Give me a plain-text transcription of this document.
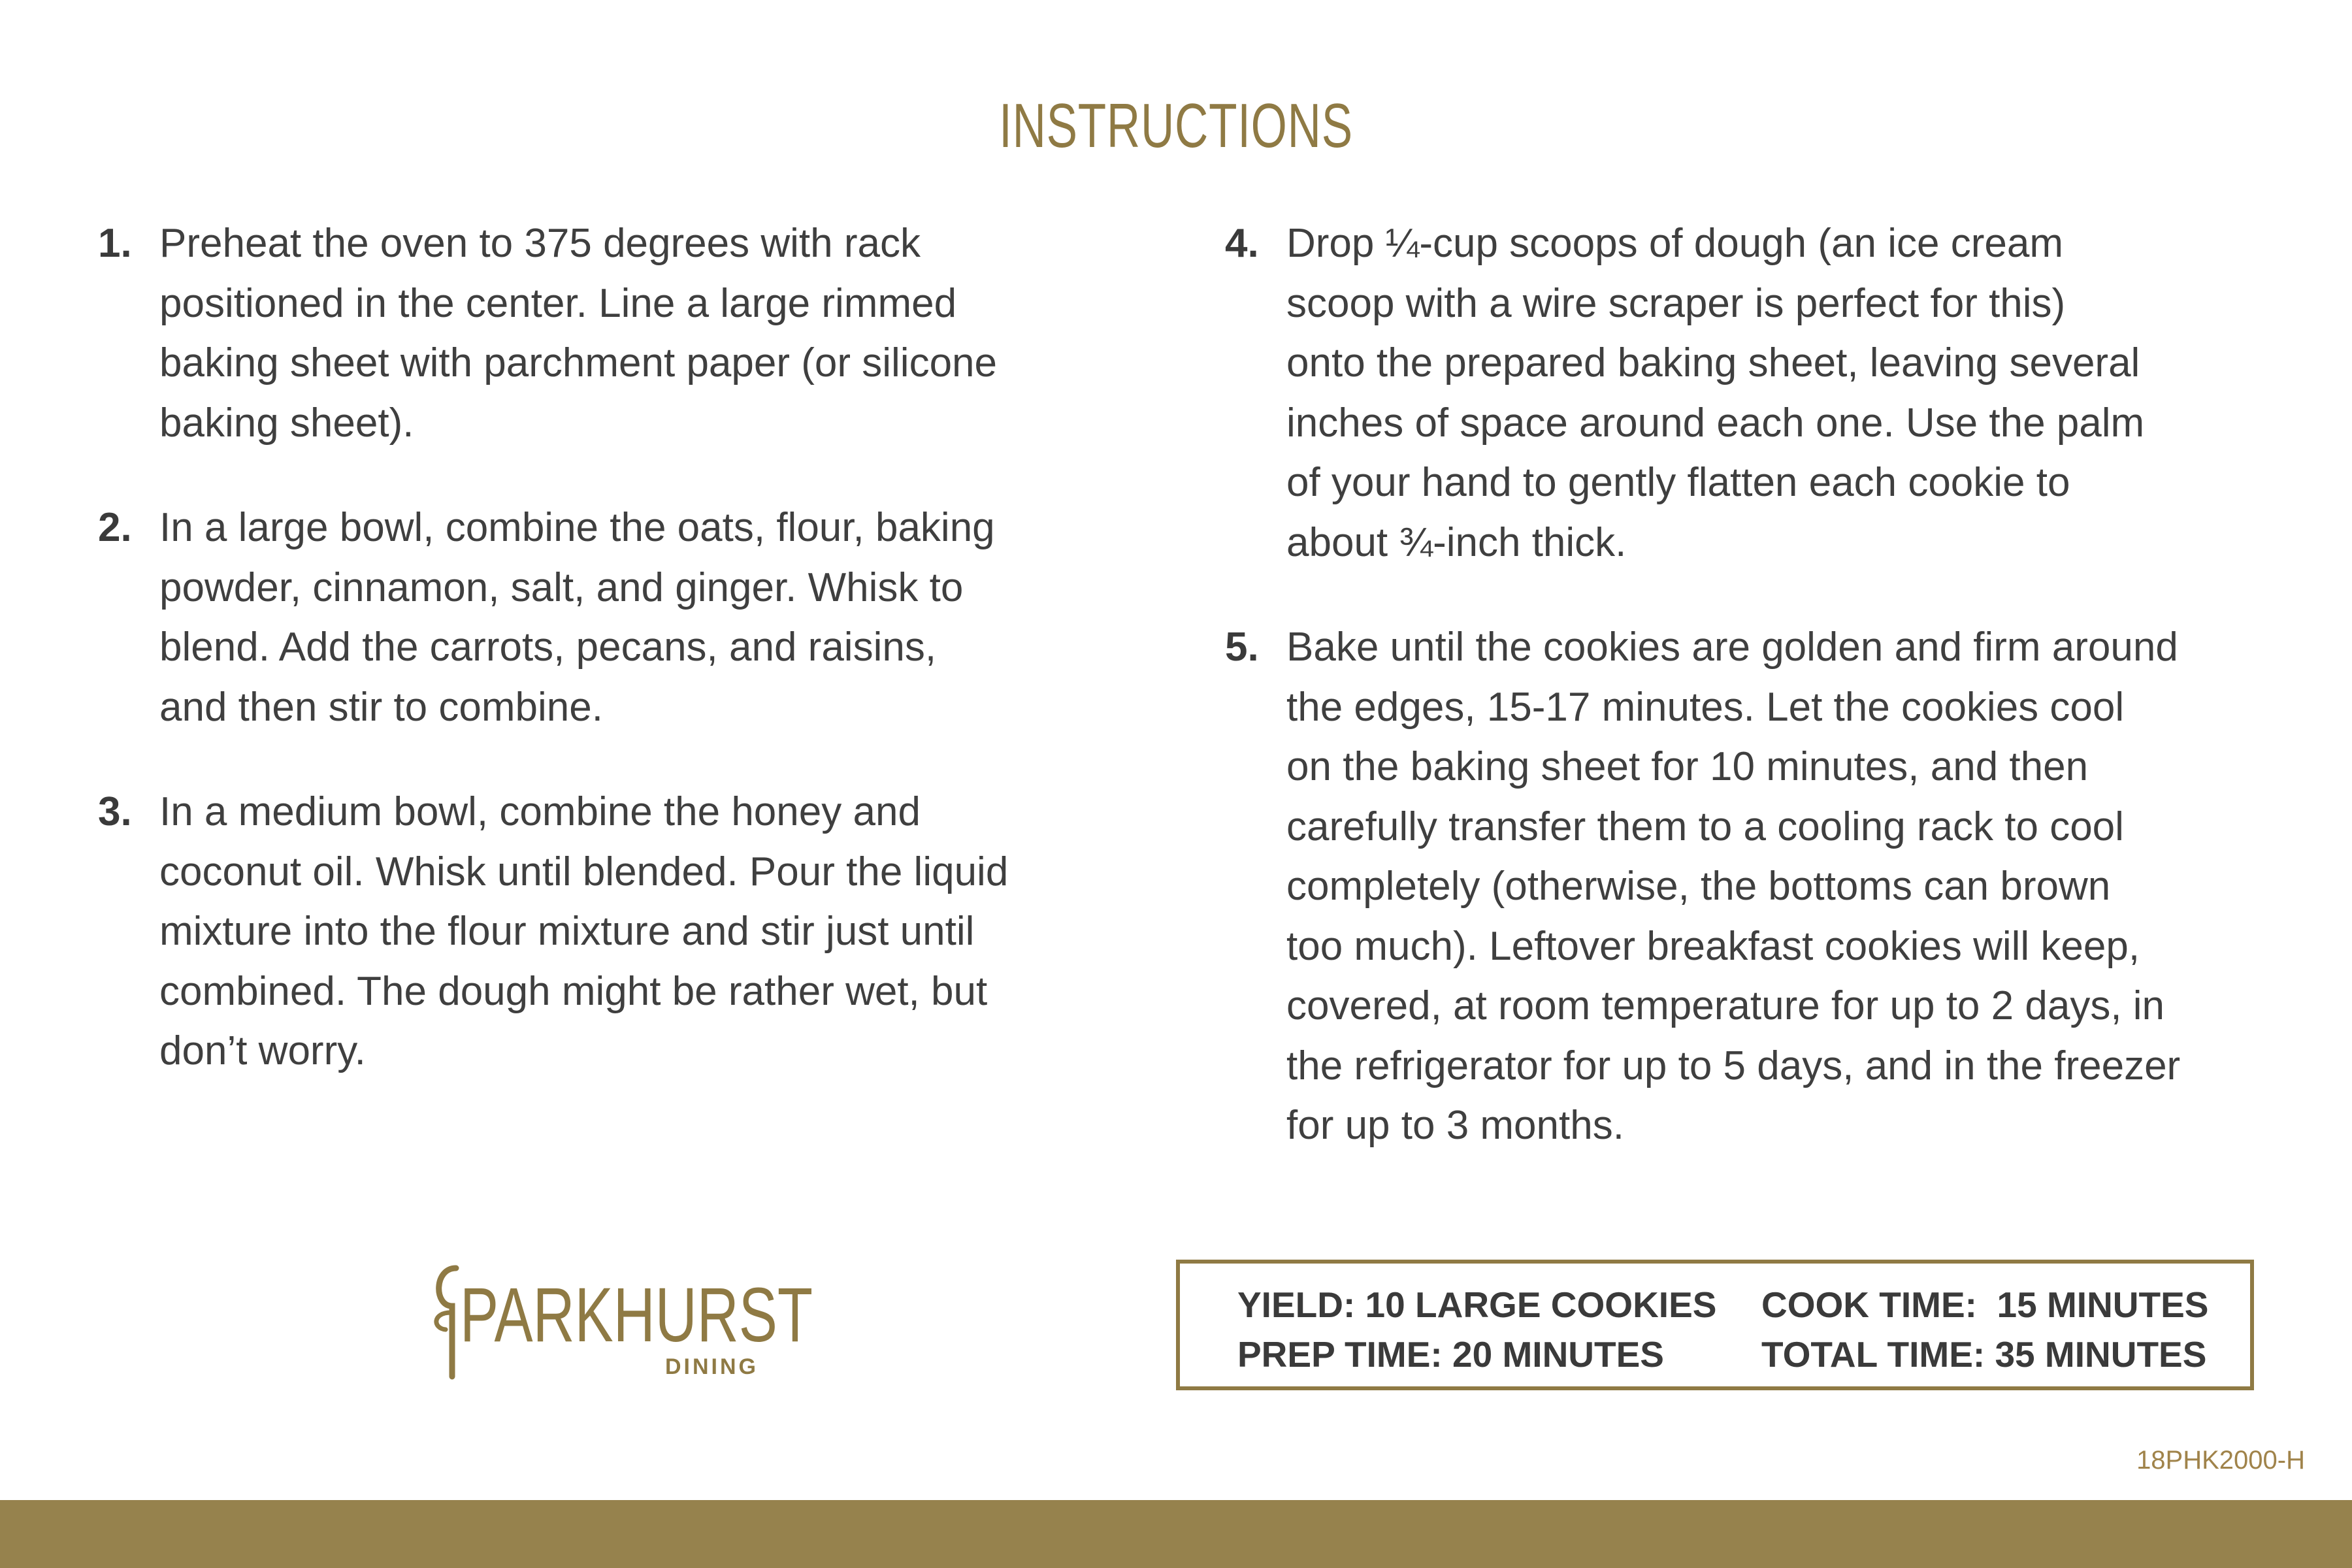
INSTRUCTIONS
1. Preheat the oven to 375 degrees with rack
positioned in the center. Line a large rimmed
baking sheet with parchment paper (or silicone
baking sheet).
2. In a large bowl, combine the oats, flour, baking
powder, cinnamon, salt, and ginger. Whisk to
blend. Add the carrots, pecans, and raisins,
and then stir to combine.
3. In a medium bowl, combine the honey and
coconut oil. Whisk until blended. Pour the liquid
mixture into the flour mixture and stir just until
combined. The dough might be rather wet, but
don’t worry.
4. Drop ¼-cup scoops of dough (an ice cream
scoop with a wire scraper is perfect for this)
onto the prepared baking sheet, leaving several
inches of space around each one. Use the palm
of your hand to gently flatten each cookie to
about ¾-inch thick.
5. Bake until the cookies are golden and firm around
the edges, 15-17 minutes. Let the cookies cool
on the baking sheet for 10 minutes, and then
carefully transfer them to a cooling rack to cool
completely (otherwise, the bottoms can brown
too much). Leftover breakfast cookies will keep,
covered, at room temperature for up to 2 days, in
the refrigerator for up to 5 days, and in the freezer
for up to 3 months.
PARKHURST
DINING
YIELD: 10 LARGE COOKIES
PREP TIME: 20 MINUTES
COOK TIME:  15 MINUTES
TOTAL TIME: 35 MINUTES
18PHK2000-H
